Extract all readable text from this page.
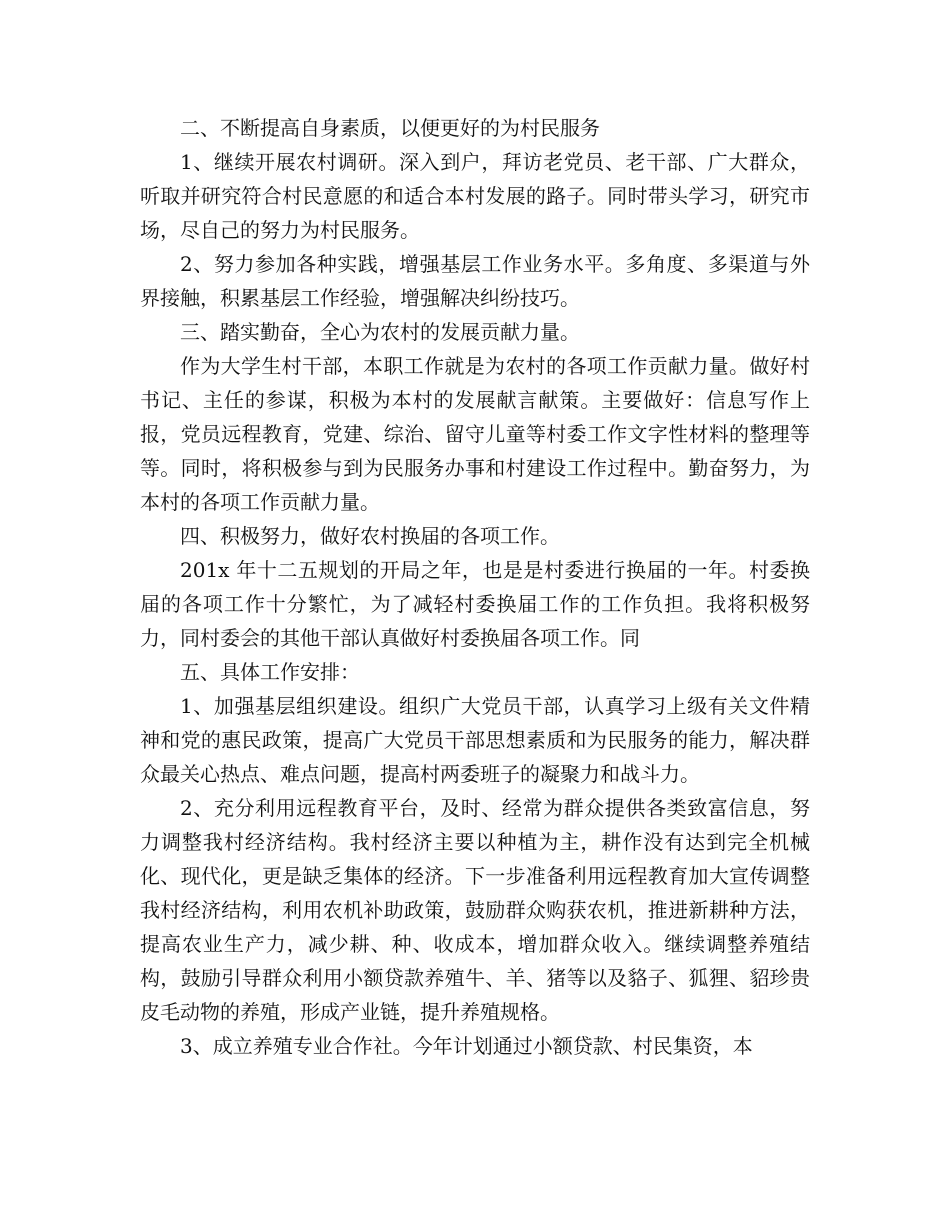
二、不断提高自身素质，以便更好的为村民服务

1、继续开展农村调研。深入到户，拜访老党员、老干部、广大群众，听取并研究符合村民意愿的和适合本村发展的路子。同时带头学习，研究市场，尽自己的努力为村民服务。

2、努力参加各种实践，增强基层工作业务水平。多角度、多渠道与外界接触，积累基层工作经验，增强解决纠纷技巧。

三、踏实勤奋，全心为农村的发展贡献力量。

作为大学生村干部，本职工作就是为农村的各项工作贡献力量。做好村书记、主任的参谋，积极为本村的发展献言献策。主要做好：信息写作上报，党员远程教育，党建、综治、留守儿童等村委工作文字性材料的整理等等。同时，将积极参与到为民服务办事和村建设工作过程中。勤奋努力，为本村的各项工作贡献力量。

四、积极努力，做好农村换届的各项工作。

201x 年十二五规划的开局之年，也是是村委进行换届的一年。村委换届的各项工作十分繁忙，为了减轻村委换届工作的工作负担。我将积极努力，同村委会的其他干部认真做好村委换届各项工作。同

五、具体工作安排：

1、加强基层组织建设。组织广大党员干部，认真学习上级有关文件精神和党的惠民政策，提高广大党员干部思想素质和为民服务的能力，解决群众最关心热点、难点问题，提高村两委班子的凝聚力和战斗力。

2、充分利用远程教育平台，及时、经常为群众提供各类致富信息，努力调整我村经济结构。我村经济主要以种植为主，耕作没有达到完全机械化、现代化，更是缺乏集体的经济。下一步准备利用远程教育加大宣传调整我村经济结构，利用农机补助政策，鼓励群众购获农机，推进新耕种方法，提高农业生产力，减少耕、种、收成本，增加群众收入。继续调整养殖结构，鼓励引导群众利用小额贷款养殖牛、羊、猪等以及貉子、狐狸、貂珍贵皮毛动物的养殖，形成产业链，提升养殖规格。

3、成立养殖专业合作社。今年计划通过小额贷款、村民集资，本
